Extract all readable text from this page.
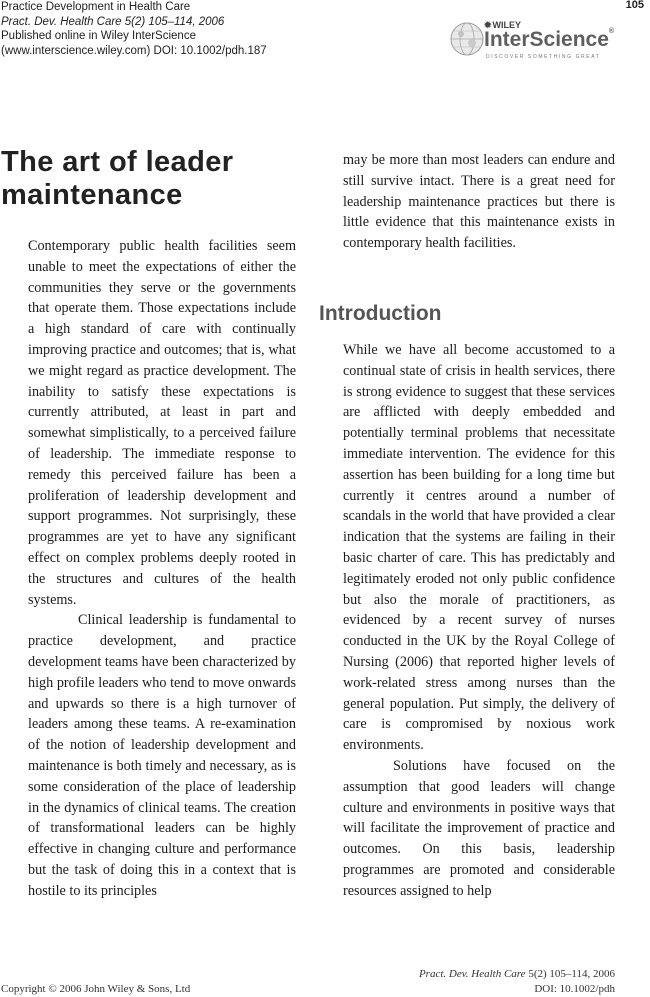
Practice Development in Health Care
Pract. Dev. Health Care 5(2) 105–114, 2006
Published online in Wiley InterScience
(www.interscience.wiley.com) DOI: 10.1002/pdh.187
105
✹WILEY
InterScience®
DISCOVER SOMETHING GREAT
The art of leader
maintenance

Contemporary public health facilities seem unable to meet the expectations of either the communities they serve or the governments that operate them. Those expectations include a high standard of care with continually improving practice and outcomes; that is, what we might regard as practice development. The inability to satisfy these expectations is currently attributed, at least in part and somewhat simplistically, to a perceived failure of leadership. The immediate response to remedy this perceived failure has been a proliferation of leadership development and support programmes. Not surprisingly, these programmes are yet to have any significant effect on complex problems deeply rooted in the structures and cultures of the health systems.

Clinical leadership is fundamental to practice development, and practice development teams have been characterized by high profile leaders who tend to move onwards and upwards so there is a high turnover of leaders among these teams. A re-examination of the notion of leadership development and maintenance is both timely and necessary, as is some consideration of the place of leadership in the dynamics of clinical teams. The creation of transformational leaders can be highly effective in changing culture and performance but the task of doing this in a context that is hostile to its principles

may be more than most leaders can endure and still survive intact. There is a great need for leadership maintenance practices but there is little evidence that this maintenance exists in contemporary health facilities.

Introduction

While we have all become accustomed to a continual state of crisis in health services, there is strong evidence to suggest that these services are afflicted with deeply embedded and potentially terminal problems that necessitate immediate intervention. The evidence for this assertion has been building for a long time but currently it centres around a number of scandals in the world that have provided a clear indication that the systems are failing in their basic charter of care. This has predictably and legitimately eroded not only public confidence but also the morale of practitioners, as evidenced by a recent survey of nurses conducted in the UK by the Royal College of Nursing (2006) that reported higher levels of work-related stress among nurses than the general population. Put simply, the delivery of care is compromised by noxious work environments.

Solutions have focused on the assumption that good leaders will change culture and environments in positive ways that will facilitate the improvement of practice and outcomes. On this basis, leadership programmes are promoted and considerable resources assigned to help

Copyright © 2006 John Wiley & Sons, Ltd
Pract. Dev. Health Care 5(2) 105–114, 2006
DOI: 10.1002/pdh
